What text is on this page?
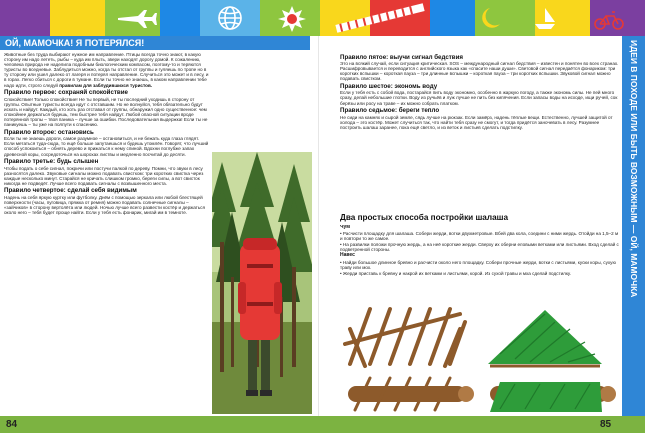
ОЙ, МАМОЧКА! Я ПОТЕРЯЛСЯ!

Животные без труда выбирают нужное им направление. Птицы всегда точно знают, в какую сторону им надо лететь, рыбы – куда им плыть, звери находят дорогу домой. К сожалению, человека природа не наделила подобным биологическим компасом, поэтому-то и теряются туристы во вседневье. Заблудиться можно, когда ты отстал от группы и гуляешь по тропе но в ту сторону или ушел далеко от лагеря и потерял направление. Случиться это может и в лесу, и в горах. Легко сбиться с дороги в тумане. Если ты точно не знаешь, в каком направлении тебе надо идти, строго следуй правилам для заблудившихся туристов.

Правило первое: сохраняй спокойствие

Спокойствие! Только спокойствие! Не ты первый, не ты последний уходишь в сторону от группы. Опытные туристы всегда идут с отставшим. Но не волнуйся, тебя обязательно будут искать и найдут. Каждый, кто хоть раз отставал от группы, обнаружил одно существенное: чем спокойнее держаться будешь, тем быстрее тебя найдут. Любой опасной ситуации вроде потерянной тропы – твоя паника – лучше за ошибки. Последовательная выдержка! Если ты не паникуешь – ты уже на полпути к спасению.

Правило второе: остановись

Если ты не знаешь дороги, самое разумное – остановиться, и не бежать куда глаза глядят. Если метаться туда-сюда, то ещё больше запутаешься и будешь утомлён. Говорят, что лучший способ успокоиться – обнять дерево и прижаться к нему спиной. Вдохни поглубже запах древесной коры, сосредоточься на шорохах листвы и медленно посчитай до десяти.

Правило третье: будь слышен

Чтобы подать о себе сигнал, покричи или постучи палкой по дереву. Помни, что звуки в лесу разносятся далеко. Звуковые сигналы можно подавать свистком: три коротких свистка через каждые несколько минут. Старайся не кричать слишком громко, береги силы, а вот свисток никогда не подведёт. Лучше всего подавать сигналы с возвышенного места.

Правило четвертое: сделай себя видимым

Надень на себя яркую куртку или футболку. Днём с помощью зеркала или любой блестящей поверхности (часы, пуговица, пряжка от ремня) можно подавать солнечные сигналы – «зайчиков» в сторону вертолёта или людей. Ночью лучше всего развести костёр и держаться около него – тебя будет проще найти. Если у тебя есть фонарик, мигай им в темноте.

Правило пятое: выучи сигнал бедствия

Это на всякий случай, если ситуация критическая. SOS – международный сигнал бедствия – известен и понятен во всех странах. Расшифровывается и переводится с английского языка как «спасите наши души». Световой сигнал передаётся фонариком: три коротких вспышки – короткая пауза – три длинные вспышки – короткая пауза – три коротких вспышки. Звуковой сигнал можно подавать свистком.

Правило шестое: экономь воду

Если у тебя есть с собой вода, постарайся пить воду экономно, особенно в жаркую погоду, а также экономь силы. Не пей много сразу, делай небольшие глотки. Воду из ручьёв и луж лучше не пить без кипячения. Если запасы воды на исходе, ищи ручей, сок берёзы или росу на траве – их можно собрать платком.

Правило седьмое: береги тепло

Не сиди на камнях и сырой земле, сядь лучше на рюкзак. Если замёрз, надень тёплые вещи. Естественно, лучшей защитой от холода – это костёр. Может случиться так, что найти тебя сразу не смогут, и тогда придётся заночевать в лесу. Разумнее построить шалаш заранее, пока ещё светло, и из веток и листьев сделать подстилку.

Два простых способа постройки шалаша

Чум

• Расчисти площадку для шалаша. Собери жерди, вотки двухметровые. Вбей два кола, соедини с ними жердь. Отойди на 1,5–2 м и повтори то же самое.

• На развилки положи прочную жердь, а на неё короткие жерди. Сверху их оберни еловыми ветками или листьями. Вход сделай с подветренной стороны.

Навес

• Найди большое длинное бревно и расчисти около него площадку. Собери прочные жерди, вотки с листьями, куски коры, сухую траву или мох.

• Жерди приставь к бревну и накрой их ветками и листьями, корой. Из сухой травы и мха сделай подстилку.	ИДЕИ В ПОХОДЕ ИЛИ БЫТЬ ВОЗМОЖНЫМ — ОЙ, МАМОЧКА
84	85
